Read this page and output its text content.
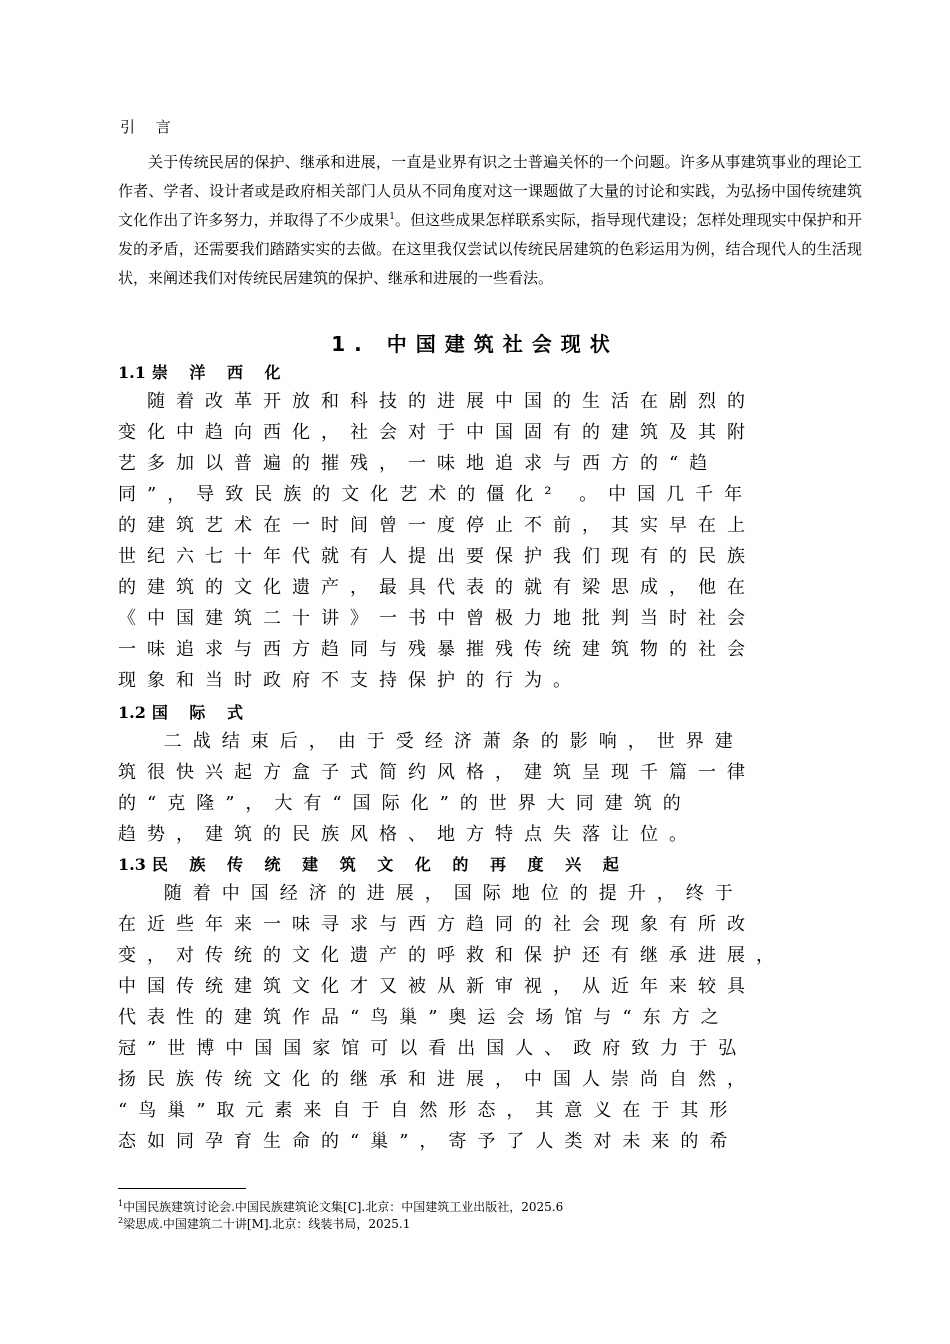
引 言

关于传统民居的保护、继承和进展，一直是业界有识之士普遍关怀的一个问题。许多从事建筑事业的理论工作者、学者、设计者或是政府相关部门人员从不同角度对这一课题做了大量的讨论和实践，为弘扬中国传统建筑文化作出了许多努力，并取得了不少成果$^1$。但这些成果怎样联系实际，指导现代建设；怎样处理现实中保护和开发的矛盾，还需要我们踏踏实实的去做。在这里我仅尝试以传统民居建筑的色彩运用为例，结合现代人的生活现状，来阐述我们对传统民居建筑的保护、继承和进展的一些看法。

1. 中国建筑社会现状
1.1 崇 洋 西 化
　随着改革开放和科技的进展中国的生活在剧烈的
变化中趋向西化，社会对于中国固有的建筑及其附
艺多加以普遍的摧残，一味地追求与西方的“趋
同”，导致民族的文化艺术的僵化² 。中国几千年
的建筑艺术在一时间曾一度停止不前，其实早在上
世纪六七十年代就有人提出要保护我们现有的民族
的建筑的文化遗产，最具代表的就有梁思成，他在
《中国建筑二十讲》一书中曾极力地批判当时社会
一味追求与西方趋同与残暴摧残传统建筑物的社会
现象和当时政府不支持保护的行为。
1.2 国 际 式
　 二战结束后，由于受经济萧条的影响，世界建
筑很快兴起方盒子式简约风格，建筑呈现千篇一律
的“克隆”，大有“国际化”的世界大同建筑的
趋势，建筑的民族风格、地方特点失落让位。
1.3 民 族 传 统 建 筑 文 化 的 再 度 兴 起
　 随着中国经济的进展，国际地位的提升，终于
在近些年来一味寻求与西方趋同的社会现象有所改
变，对传统的文化遗产的呼救和保护还有继承进展，
中国传统建筑文化才又被从新审视，从近年来较具
代表性的建筑作品“鸟巢”奥运会场馆与“东方之
冠”世博中国国家馆可以看出国人、政府致力于弘
扬民族传统文化的继承和进展，中国人崇尚自然，
“鸟巢”取元素来自于自然形态，其意义在于其形
态如同孕育生命的“巢”，寄予了人类对未来的希
$^1$中国民族建筑讨论会.中国民族建筑论文集[C].北京：中国建筑工业出版社，2025.6
$^2$梁思成.中国建筑二十讲[M].北京：线装书局，2025.1
